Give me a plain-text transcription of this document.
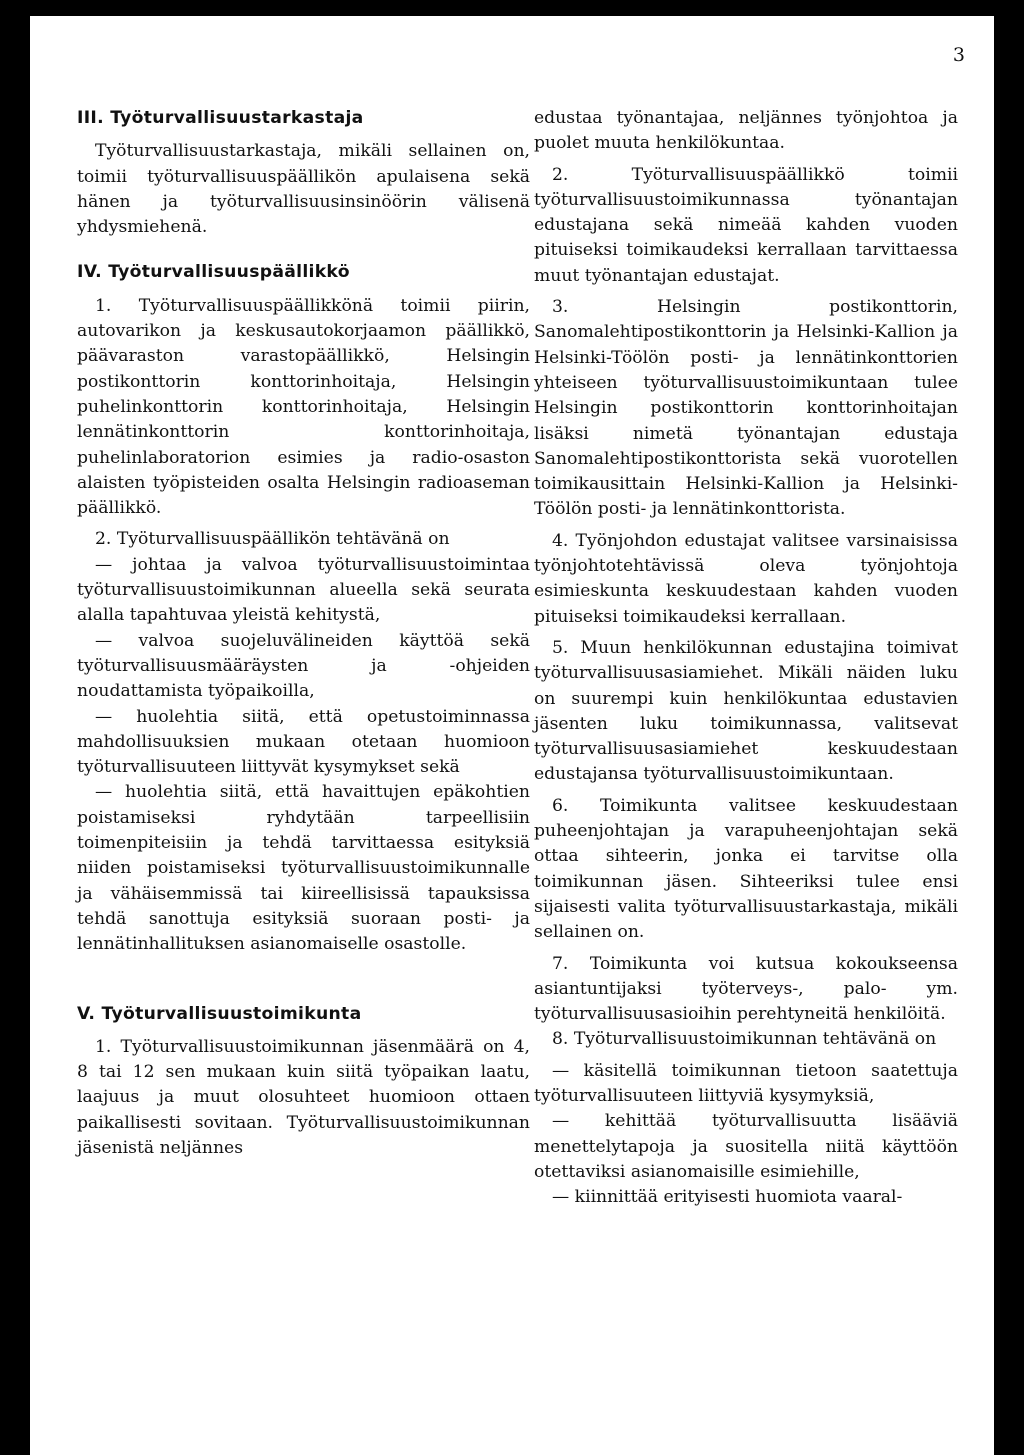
3
III. Työturvallisuustarkastaja

Työturvallisuustarkastaja, mikäli sellainen on, toimii työturvallisuuspäällikön apulaisena sekä hänen ja työturvallisuusinsinöörin välisenä yhdysmiehenä.

IV. Työturvallisuuspäällikkö

1. Työturvallisuuspäällikkönä toimii piirin, autovarikon ja keskusautokorjaamon päällikkö, päävaraston varastopäällikkö, Helsingin postikonttorin konttorinhoitaja, Helsingin puhelinkonttorin konttorinhoitaja, Helsingin lennätinkonttorin konttorinhoitaja, puhelinlaboratorion esimies ja radio-osaston alaisten työpisteiden osalta Helsingin radioaseman päällikkö.

2. Työturvallisuuspäällikön tehtävänä on

— johtaa ja valvoa työturvallisuustoimintaa työturvallisuustoimikunnan alueella sekä seurata alalla tapahtuvaa yleistä kehitystä,

— valvoa suojeluvälineiden käyttöä sekä työturvallisuusmääräysten ja -ohjeiden noudattamista työpaikoilla,

— huolehtia siitä, että opetustoiminnassa mahdollisuuksien mukaan otetaan huomioon työturvallisuuteen liittyvät kysymykset sekä

— huolehtia siitä, että havaittujen epäkohtien poistamiseksi ryhdytään tarpeellisiin toimenpiteisiin ja tehdä tarvittaessa esityksiä niiden poistamiseksi työturvallisuustoimikunnalle ja vähäisemmissä tai kiireellisissä tapauksissa tehdä sanottuja esityksiä suoraan posti- ja lennätinhallituksen asianomaiselle osastolle.

V. Työturvallisuustoimikunta

1. Työturvallisuustoimikunnan jäsenmäärä on 4, 8 tai 12 sen mukaan kuin siitä työpaikan laatu, laajuus ja muut olosuhteet huomioon ottaen paikallisesti sovitaan. Työturvallisuustoimikunnan jäsenistä neljännes

edustaa työnantajaa, neljännes työnjohtoa ja puolet muuta henkilökuntaa.

2. Työturvallisuuspäällikkö toimii työturvallisuustoimikunnassa työnantajan edustajana sekä nimeää kahden vuoden pituiseksi toimikaudeksi kerrallaan tarvittaessa muut työnantajan edustajat.

3. Helsingin postikonttorin, Sanomalehtipostikonttorin ja Helsinki-Kallion ja Helsinki-Töölön posti- ja lennätinkonttorien yhteiseen työturvallisuustoimikuntaan tulee Helsingin postikonttorin konttorinhoitajan lisäksi nimetä työnantajan edustaja Sanomalehtipostikonttorista sekä vuorotellen toimikausittain Helsinki-Kallion ja Helsinki-Töölön posti- ja lennätinkonttorista.

4. Työnjohdon edustajat valitsee varsinaisissa työnjohtotehtävissä oleva työnjohtoja esimieskunta keskuudestaan kahden vuoden pituiseksi toimikaudeksi kerrallaan.

5. Muun henkilökunnan edustajina toimivat työturvallisuusasiamiehet. Mikäli näiden luku on suurempi kuin henkilökuntaa edustavien jäsenten luku toimikunnassa, valitsevat työturvallisuusasiamiehet keskuudestaan edustajansa työturvallisuustoimikuntaan.

6. Toimikunta valitsee keskuudestaan puheenjohtajan ja varapuheenjohtajan sekä ottaa sihteerin, jonka ei tarvitse olla toimikunnan jäsen. Sihteeriksi tulee ensi sijaisesti valita työturvallisuustarkastaja, mikäli sellainen on.

7. Toimikunta voi kutsua kokoukseensa asiantuntijaksi työterveys-, palo- ym. työturvallisuusasioihin perehtyneitä henkilöitä.

8. Työturvallisuustoimikunnan tehtävänä on

— käsitellä toimikunnan tietoon saatettuja työturvallisuuteen liittyviä kysymyksiä,

— kehittää työturvallisuutta lisääviä menettelytapoja ja suositella niitä käyttöön otettaviksi asianomaisille esimiehille,

— kiinnittää erityisesti huomiota vaaral-
